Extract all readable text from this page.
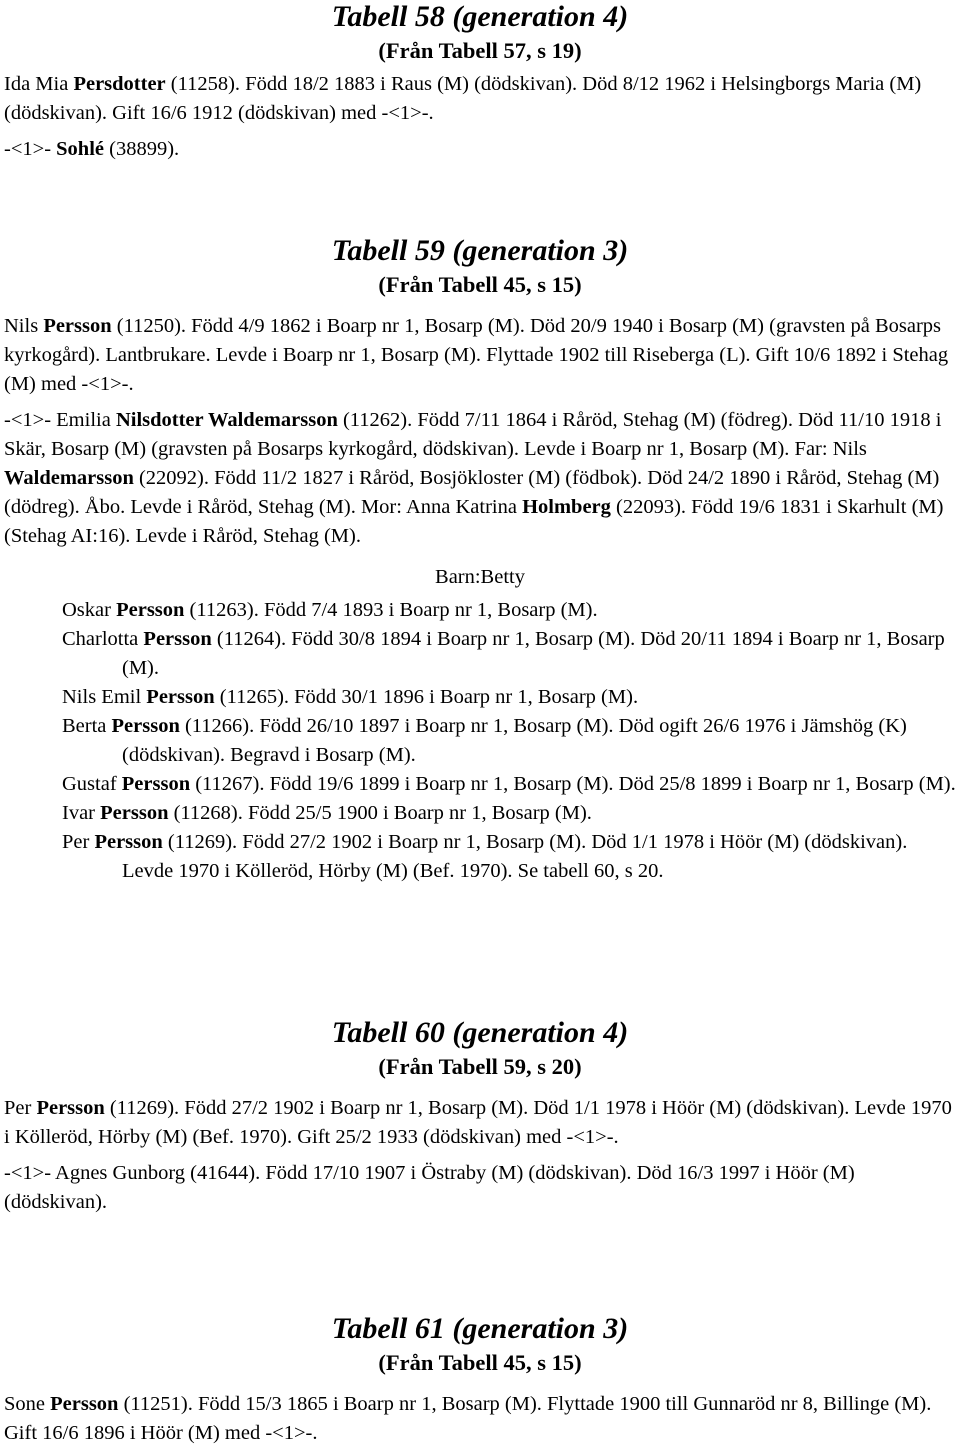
Tabell 58 (generation 4)
(Från Tabell 57, s 19)

Ida Mia Persdotter (11258). Född 18/2 1883 i Raus (M) (dödskivan). Död 8/12 1962 i Helsingborgs Maria (M) (dödskivan). Gift 16/6 1912 (dödskivan) med -<1>-.

-<1>- Sohlé (38899).

Tabell 59 (generation 3)
(Från Tabell 45, s 15)

Nils Persson (11250). Född 4/9 1862 i Boarp nr 1, Bosarp (M). Död 20/9 1940 i Bosarp (M) (gravsten på Bosarps kyrkogård). Lantbrukare. Levde i Boarp nr 1, Bosarp (M). Flyttade 1902 till Riseberga (L). Gift 10/6 1892 i Stehag (M) med -<1>-.

-<1>- Emilia Nilsdotter Waldemarsson (11262). Född 7/11 1864 i Råröd, Stehag (M) (födreg). Död 11/10 1918 i Skär, Bosarp (M) (gravsten på Bosarps kyrkogård, dödskivan). Levde i Boarp nr 1, Bosarp (M). Far: Nils Waldemarsson (22092). Född 11/2 1827 i Råröd, Bosjökloster (M) (födbok). Död 24/2 1890 i Råröd, Stehag (M) (dödreg). Åbo. Levde i Råröd, Stehag (M). Mor: Anna Katrina Holmberg (22093). Född 19/6 1831 i Skarhult (M) (Stehag AI:16). Levde i Råröd, Stehag (M).

Barn:Betty

Oskar Persson (11263). Född 7/4 1893 i Boarp nr 1, Bosarp (M).

Charlotta Persson (11264). Född 30/8 1894 i Boarp nr 1, Bosarp (M). Död 20/11 1894 i Boarp nr 1, Bosarp (M).

Nils Emil Persson (11265). Född 30/1 1896 i Boarp nr 1, Bosarp (M).

Berta Persson (11266). Född 26/10 1897 i Boarp nr 1, Bosarp (M). Död ogift 26/6 1976 i Jämshög (K) (dödskivan). Begravd i Bosarp (M).

Gustaf Persson (11267). Född 19/6 1899 i Boarp nr 1, Bosarp (M). Död 25/8 1899 i Boarp nr 1, Bosarp (M).

Ivar Persson (11268). Född 25/5 1900 i Boarp nr 1, Bosarp (M).

Per Persson (11269). Född 27/2 1902 i Boarp nr 1, Bosarp (M). Död 1/1 1978 i Höör (M) (dödskivan). Levde 1970 i Kölleröd, Hörby (M) (Bef. 1970). Se tabell 60, s 20.

Tabell 60 (generation 4)
(Från Tabell 59, s 20)

Per Persson (11269). Född 27/2 1902 i Boarp nr 1, Bosarp (M). Död 1/1 1978 i Höör (M) (dödskivan). Levde 1970 i Kölleröd, Hörby (M) (Bef. 1970). Gift 25/2 1933 (dödskivan) med -<1>-.

-<1>- Agnes Gunborg (41644). Född 17/10 1907 i Östraby (M) (dödskivan). Död 16/3 1997 i Höör (M) (dödskivan).

Tabell 61 (generation 3)
(Från Tabell 45, s 15)

Sone Persson (11251). Född 15/3 1865 i Boarp nr 1, Bosarp (M). Flyttade 1900 till Gunnaröd nr 8, Billinge (M). Gift 16/6 1896 i Höör (M) med -<1>-.
